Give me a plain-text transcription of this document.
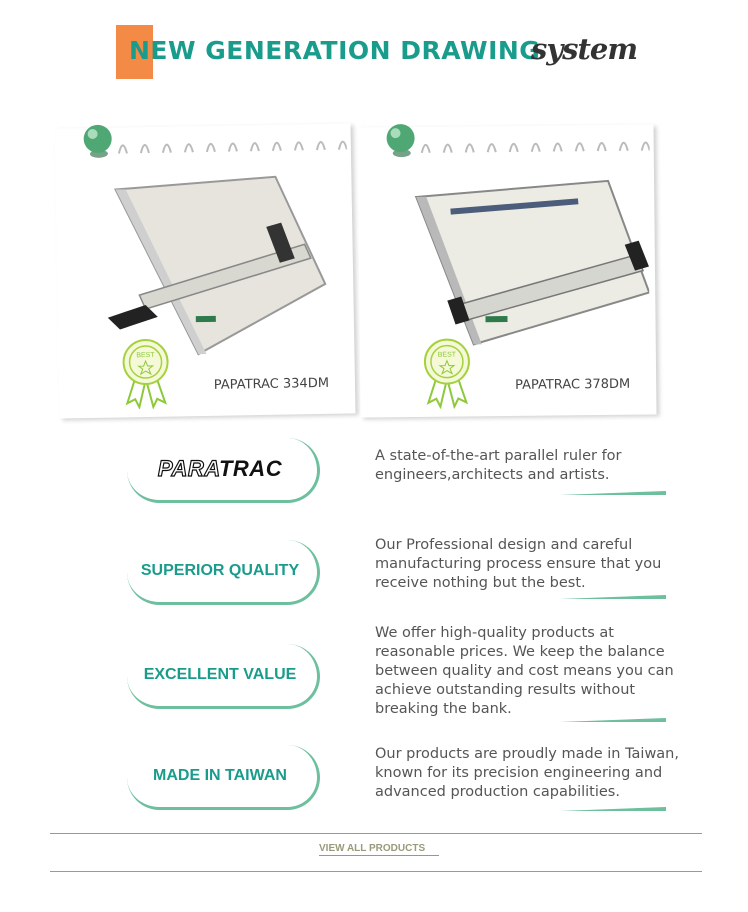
NEW GENERATION DRAWING
system
BEST
PAPATRAC 334DM
BEST
PAPATRAC 378DM
PARATRAC	A state-of-the-art parallel ruler for
engineers,architects and artists.
SUPERIOR QUALITY
Our Professional design and careful
manufacturing process ensure that you
receive nothing but the best.
EXCELLENT VALUE
We offer high-quality products at
reasonable prices. We keep the balance
between quality and cost means you can
achieve outstanding results without
breaking the bank.
MADE IN TAIWAN
Our products are proudly made in Taiwan,
known for its precision engineering and
advanced production capabilities.
VIEW ALL PRODUCTS
